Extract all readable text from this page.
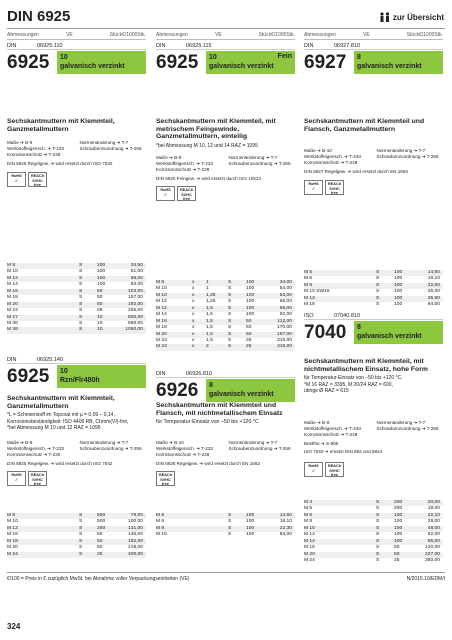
DIN 6925	zur Übersicht
Abmessungen	VE	Stück €/1000Stk.
DIN	06925.110
6925	10
galvanisch verzinkt
Sechskantmuttern mit Klemmteil, Ganzmetallmuttern
Maße ➔ B-9	Normenänderung ➔ T-7
Werkstoffeigensch. ➔ T-233	Schraubenzuordnung ➔ T-256
Korrosionsschutz ➔ T-228
DIN 6925 Regelgew. ➔ wird ersetzt durch ISO 7042
RoHS
✓
REACh SVHC free
M 8	S	100	34,50
M 10	S	100	51,00
M 12	S	100	66,00
M 14	S	100	84,00
M 16	S	50	103,00
M 18	S	50	157,00
M 20	S	50	182,00
M 24	S	25	255,00
M 27	S	10	830,00
M 30	S	10	590,00
M 36	S	10	1050,00
DIN	06925.140
6925	10
Rzn/Flr480h
Sechskantmuttern mit Klemmteil, Ganzmetallmuttern
*L = Schmierstoff im Topcoat mit µ = 0,09 – 0,14,
Korrosionsbeständigkeit: ISO 4406 RB, Chrom(VI)-frei,
*bei Abmessung M 10 und 12 RAZ = 1095
Maße ➔ B-9	Normenänderung ➔ T-7
Werkstoffeigensch. ➔ T-233	Schraubenzuordnung ➔ T-256
Korrosionsschutz ➔ T-230
DIN 6925 Regelgew. ➔ wird ersetzt durch ISO 7042
RoHS
✓
REACh SVHC free
M 8	S	500	79,00
M 10	S	500	100,00
M 12	S	250	131,00
M 16	S	50	146,00
M 18	S	50	182,00
M 20	S	50	218,00
M 24	S	25	400,00
Abmessungen	VE	Stück €/1000Stk.
DIN	06925.115
6925	10
galvanisch verzinkt
Fein
Sechskantmuttern mit Klemmteil, mit metrischem Feingewinde, Ganzmetallmuttern, einteilig
*bei Abmessung M 10, 12 und 14 RAZ = 1095
Maße ➔ B-9	Normenänderung ➔ T-7
Werkstoffeigensch. ➔ T-233	Schraubenzuordnung ➔ T-256
Korrosionsschutz ➔ T-228
DIN 6925 Feingew. ➔ wird ersetzt durch ISO 10513
RoHS
✓
REACh SVHC free
M 8	x	1	S	100	34,00
M 10	x	1	S	100	54,00
M 10	x	1,25	S	100	53,00
M 12	x	1,25	S	100	65,00
M 12	x	1,5	S	100	65,00
M 14	x	1,5	S	100	92,00
M 16	x	1,5	S	50	112,00
M 18	x	1,5	S	50	170,00
M 20	x	1,5	S	50	197,00
M 24	x	1,5	S	25	315,00
M 24	x	2	S	25	315,00
DIN	06926.810
6926	8
galvanisch verzinkt
Sechskantmuttern mit Klemmteil und Flansch, mit nichtmetallischem Einsatz
für Temperatur-Einsatz von –50 bis +120 °C
Maße ➔ B-10	Normenänderung ➔ T-7
Werkstoffeigensch. ➔ T-233	Schraubenzuordnung ➔ T-256
Korrosionsschutz ➔ T-228
DIN 6926 Regelgew. ➔ wird ersetzt durch EN 1663
REACh SVHC free
M 5	S	100	14,60
M 6	S	100	18,10
M 8	S	100	22,30
M 16	S	100	84,00
Abmessungen	VE	Stück €/1000Stk.
DIN	06927.810
6927	8
galvanisch verzinkt
Sechskantmuttern mit Klemmteil und Flansch, Ganzmetallmuttern
Maße ➔ B-10	Normenänderung ➔ T-7
Werkstoffeigensch. ➔ T-233	Schraubenzuordnung ➔ T-256
Korrosionsschutz ➔ T-228
DIN 6927 Regelgew. ➔ wird ersetzt durch EN 1664
RoHS
✓
REACh SVHC free
M 5	S	100	14,60
M 6	S	100	18,10
M 8	S	100	22,00
M 10 SW16	S	100	26,00
M 12	S	100	35,50
M 16	S	100	84,00
ISO	07040.810
7040	8
galvanisch verzinkt
Sechskantmuttern mit Klemmteil, mit nichtmetallischem Einsatz, hohe Form
für Temperatur-Einsatz von –50 bis +120 °C,
*M 16 RAZ = 3395, M 20/24 RAZ = 600,
übrige Ø RAZ = 615
Maße ➔ B-9	Normenänderung ➔ T-7
Werkstoffeigensch. ➔ T-233	Schraubenzuordnung ➔ T-256
Korrosionsschutz ➔ T-228
Bestfrei ➔ S-906
ISO 7040 ➔ ersetzt DIN 982 und 6924
RoHS
✓
REACh SVHC free
M 4	S	200	20,00
M 5	S	200	19,00
M 6	S	100	22,10
M 8	S	100	28,00
M 10	S	100	48,00
M 12	S	100	62,00
M 14	S	100	85,00
M 16	S	50	120,00
M 20	S	50	227,00
M 24	S	25	380,00
€/100 = Preis in € zuzüglich MwSt. bei Abnahme voller Verpackungseinheiten (VE)	N/2015.10/EDM/I
324
